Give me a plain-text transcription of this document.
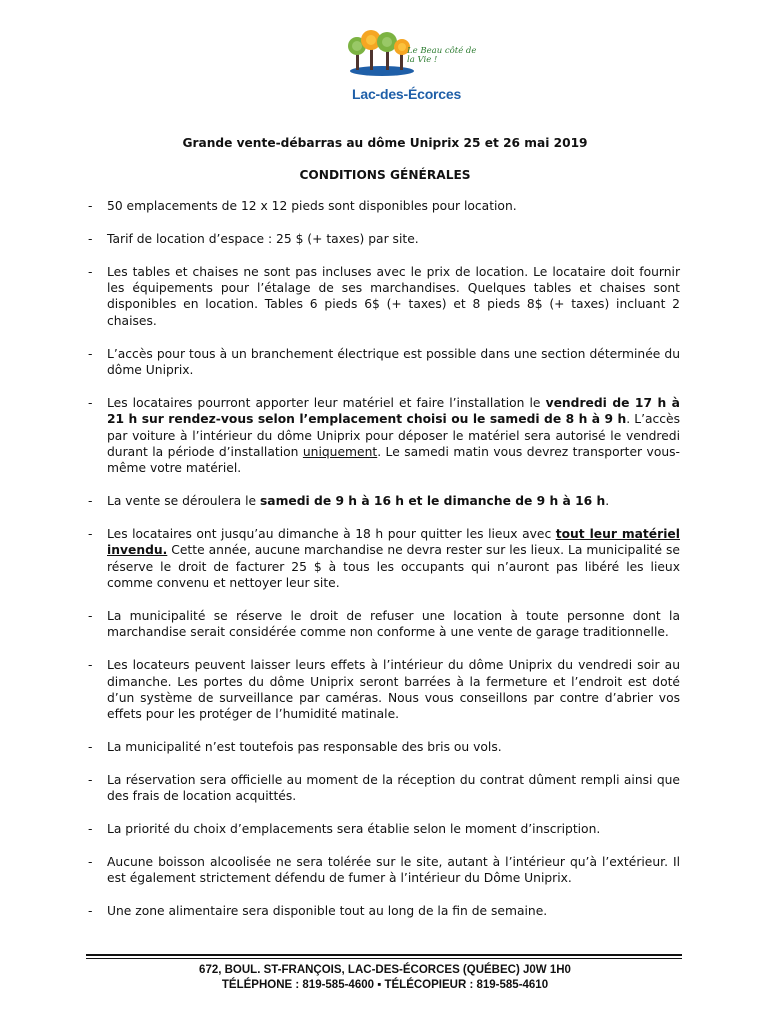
Le Beau côté de la Vie !
Lac-des-Écorces
Grande vente-débarras au dôme Uniprix 25 et 26 mai 2019
CONDITIONS GÉNÉRALES
- 50 emplacements de 12 x 12 pieds sont disponibles pour location.
- Tarif de location d’espace : 25 $ (+ taxes) par site.
- Les tables et chaises ne sont pas incluses avec le prix de location. Le locataire doit fournir les équipements pour l’étalage de ses marchandises. Quelques tables et chaises sont disponibles en location. Tables 6 pieds 6$ (+ taxes) et 8 pieds 8$ (+ taxes) incluant 2 chaises.
- L’accès pour tous à un branchement électrique est possible dans une section déterminée du dôme Uniprix.
- Les locataires pourront apporter leur matériel et faire l’installation le vendredi de 17 h à 21 h sur rendez-vous selon l’emplacement choisi ou le samedi de 8 h à 9 h. L’accès par voiture à l’intérieur du dôme Uniprix pour déposer le matériel sera autorisé le vendredi durant la période d’installation uniquement. Le samedi matin vous devrez transporter vous-même votre matériel.
- La vente se déroulera le samedi de 9 h à 16 h et le dimanche de 9 h à 16 h.
- Les locataires ont jusqu’au dimanche à 18 h pour quitter les lieux avec tout leur matériel invendu. Cette année, aucune marchandise ne devra rester sur les lieux. La municipalité se réserve le droit de facturer 25 $ à tous les occupants qui n’auront pas libéré les lieux comme convenu et nettoyer leur site.
- La municipalité se réserve le droit de refuser une location à toute personne dont la marchandise serait considérée comme non conforme à une vente de garage traditionnelle.
- Les locateurs peuvent laisser leurs effets à l’intérieur du dôme Uniprix du vendredi soir au dimanche. Les portes du dôme Uniprix seront barrées à la fermeture et l’endroit est doté d’un système de surveillance par caméras. Nous vous conseillons par contre d’abrier vos effets pour les protéger de l’humidité matinale.
- La municipalité n’est toutefois pas responsable des bris ou vols.
- La réservation sera officielle au moment de la réception du contrat dûment rempli ainsi que des frais de location acquittés.
- La priorité du choix d’emplacements sera établie selon le moment d’inscription.
- Aucune boisson alcoolisée ne sera tolérée sur le site, autant à l’intérieur qu’à l’extérieur. Il est également strictement défendu de fumer à l’intérieur du Dôme Uniprix.
- Une zone alimentaire sera disponible tout au long de la fin de semaine.
672, BOUL. ST-FRANÇOIS, LAC-DES-ÉCORCES (QUÉBEC) J0W 1H0
TÉLÉPHONE : 819-585-4600 ▪ TÉLÉCOPIEUR : 819-585-4610
